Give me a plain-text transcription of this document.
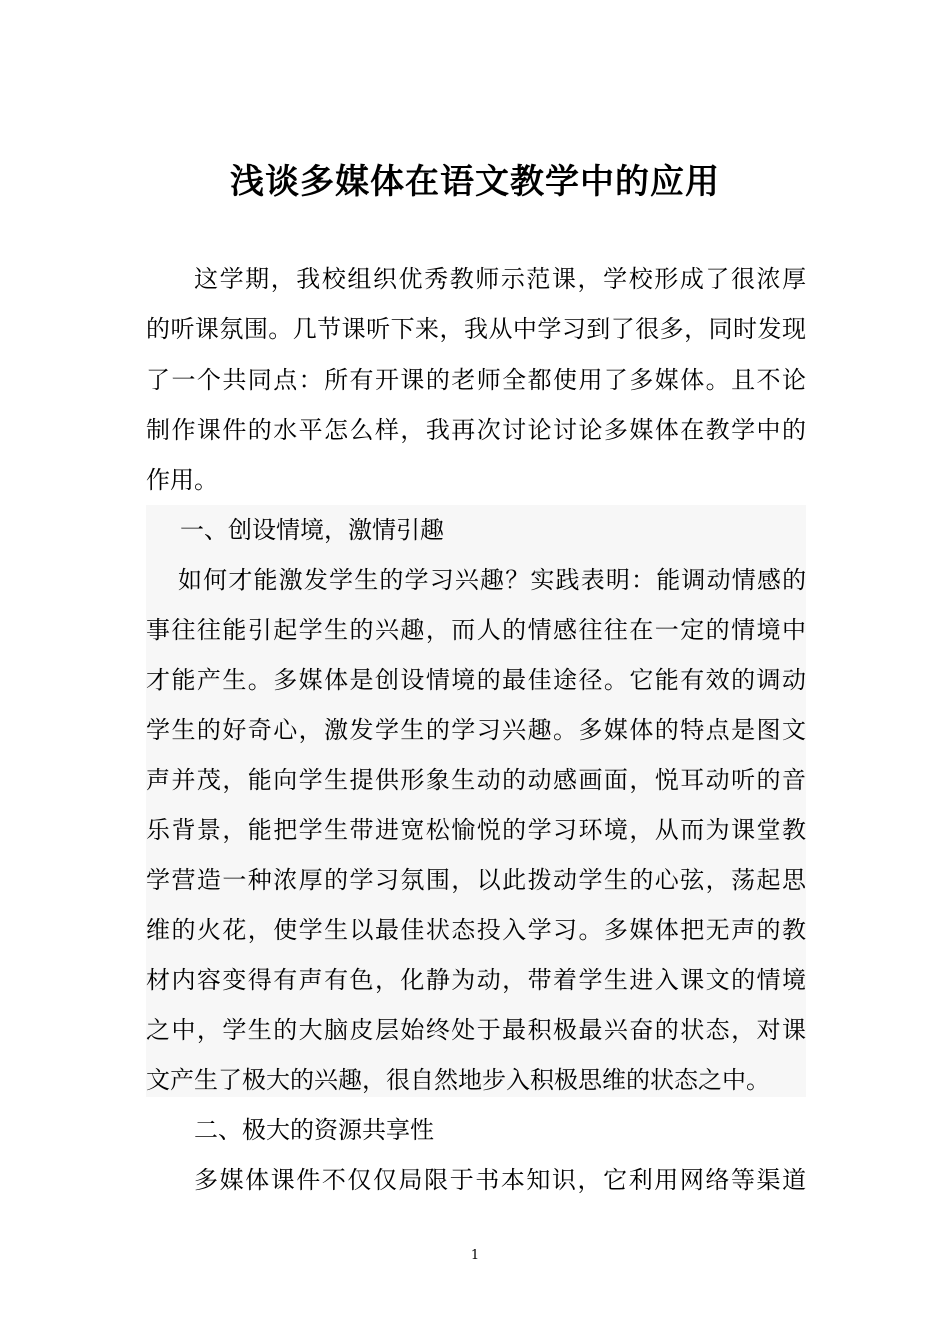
浅谈多媒体在语文教学中的应用

这学期，我校组织优秀教师示范课，学校形成了很浓厚

的听课氛围。几节课听下来，我从中学习到了很多，同时发现

了一个共同点：所有开课的老师全都使用了多媒体。且不论

制作课件的水平怎么样，我再次讨论讨论多媒体在教学中的

作用。

一、创设情境，激情引趣

如何才能激发学生的学习兴趣？实践表明：能调动情感的

事往往能引起学生的兴趣，而人的情感往往在一定的情境中

才能产生。多媒体是创设情境的最佳途径。它能有效的调动

学生的好奇心，激发学生的学习兴趣。多媒体的特点是图文

声并茂，能向学生提供形象生动的动感画面，悦耳动听的音

乐背景，能把学生带进宽松愉悦的学习环境，从而为课堂教

学营造一种浓厚的学习氛围，以此拨动学生的心弦，荡起思

维的火花，使学生以最佳状态投入学习。多媒体把无声的教

材内容变得有声有色，化静为动，带着学生进入课文的情境

之中，学生的大脑皮层始终处于最积极最兴奋的状态，对课

文产生了极大的兴趣，很自然地步入积极思维的状态之中。

二、极大的资源共享性

多媒体课件不仅仅局限于书本知识，它利用网络等渠道

1
